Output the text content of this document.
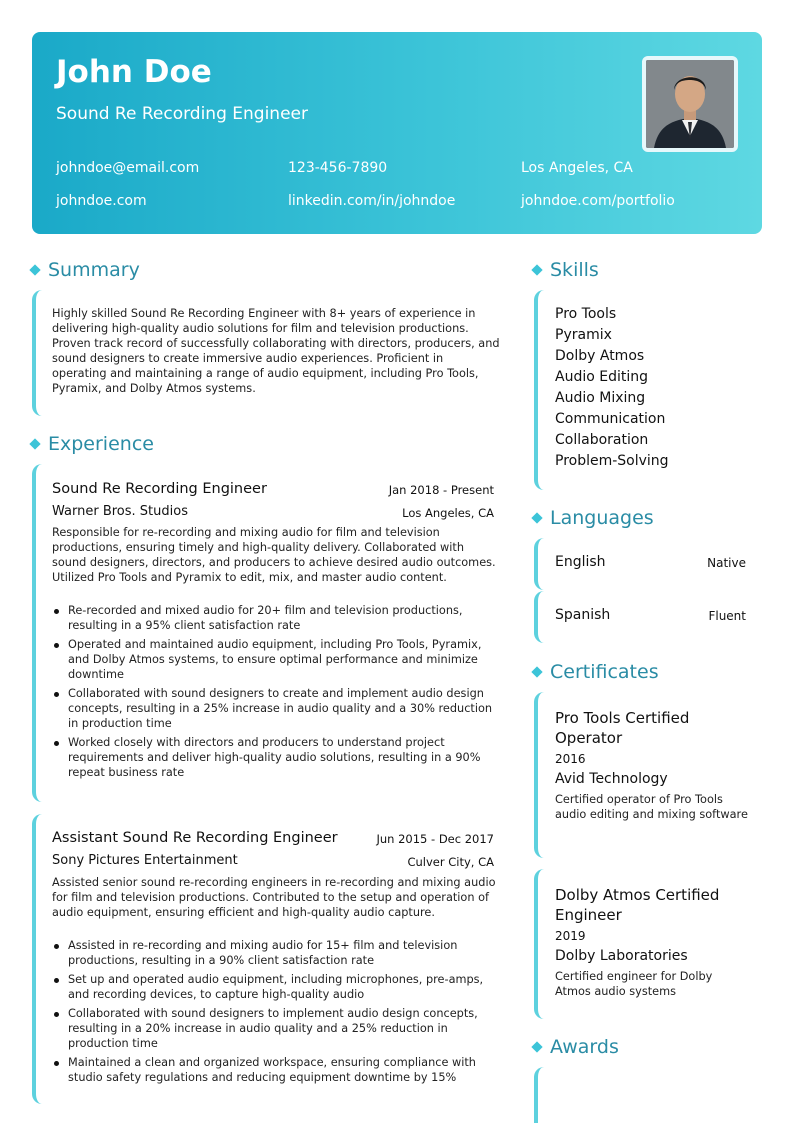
John Doe
Sound Re Recording Engineer
johndoe@email.com	123-456-7890	Los Angeles, CA
johndoe.com	linkedin.com/in/johndoe	johndoe.com/portfolio
Summary
Highly skilled Sound Re Recording Engineer with 8+ years of experience in delivering high-quality audio solutions for film and television productions. Proven track record of successfully collaborating with directors, producers, and sound designers to create immersive audio experiences. Proficient in operating and maintaining a range of audio equipment, including Pro Tools, Pyramix, and Dolby Atmos systems.
Experience
Sound Re Recording Engineer	Jan 2018 - Present
Warner Bros. Studios	Los Angeles, CA
Responsible for re-recording and mixing audio for film and television productions, ensuring timely and high-quality delivery. Collaborated with sound designers, directors, and producers to achieve desired audio outcomes. Utilized Pro Tools and Pyramix to edit, mix, and master audio content.
Re-recorded and mixed audio for 20+ film and television productions, resulting in a 95% client satisfaction rate
Operated and maintained audio equipment, including Pro Tools, Pyramix, and Dolby Atmos systems, to ensure optimal performance and minimize downtime
Collaborated with sound designers to create and implement audio design concepts, resulting in a 25% increase in audio quality and a 30% reduction in production time
Worked closely with directors and producers to understand project requirements and deliver high-quality audio solutions, resulting in a 90% repeat business rate
Assistant Sound Re Recording Engineer	Jun 2015 - Dec 2017
Sony Pictures Entertainment	Culver City, CA
Assisted senior sound re-recording engineers in re-recording and mixing audio for film and television productions. Contributed to the setup and operation of audio equipment, ensuring efficient and high-quality audio capture.
Assisted in re-recording and mixing audio for 15+ film and television productions, resulting in a 90% client satisfaction rate
Set up and operated audio equipment, including microphones, pre-amps, and recording devices, to capture high-quality audio
Collaborated with sound designers to implement audio design concepts, resulting in a 20% increase in audio quality and a 25% reduction in production time
Maintained a clean and organized workspace, ensuring compliance with studio safety regulations and reducing equipment downtime by 15%
Skills
Pro Tools
Pyramix
Dolby Atmos
Audio Editing
Audio Mixing
Communication
Collaboration
Problem-Solving
Languages
English	Native
Spanish	Fluent
Certificates
Pro Tools Certified Operator
2016
Avid Technology
Certified operator of Pro Tools audio editing and mixing software
Dolby Atmos Certified Engineer
2019
Dolby Laboratories
Certified engineer for Dolby Atmos audio systems
Awards
